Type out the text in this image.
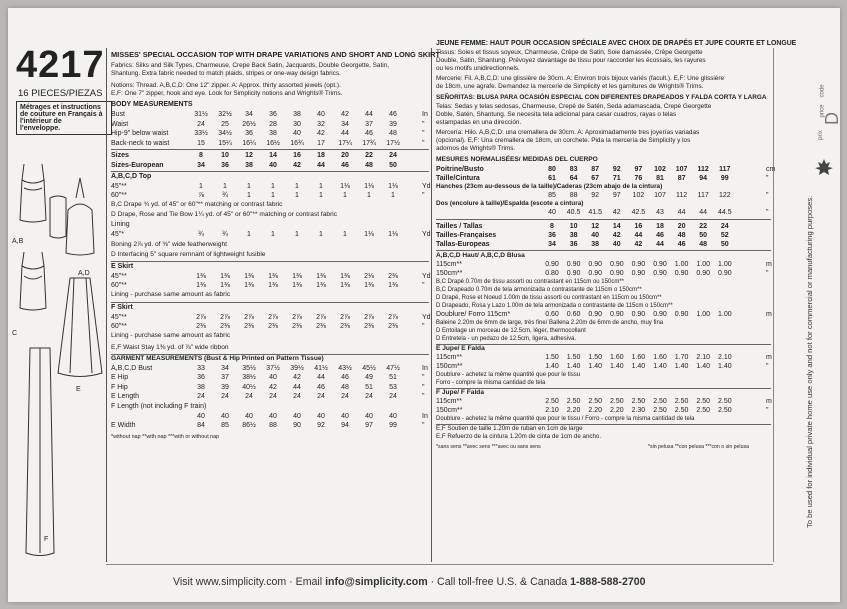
4217
16 PIECES/PIEZAS
Métrages et instructions
de couture en Français à
l'intérieur de
l'enveloppe.
A,B
A,D
C
E
F
MISSES' SPECIAL OCCASION TOP WITH DRAPE VARIATIONS AND SHORT AND LONG SKIRT
Fabrics: Silks and Silk Types, Charmeuse, Crepe Back Satin, Jacquards, Double Georgette, Satin,
Shantung. Extra fabric needed to match plaids, stripes or one-way design fabrics.
Notions: Thread. A,B,C,D: One 12" zipper. A: Approx. thirty assorted jewels (opt.).
E,F: One 7" zipper, hook and eye. Look for Simplicity notions and Wrights® Trims.
BODY MEASUREMENTS
JEUNE FEMME: HAUT POUR OCCASION SPÉCIALE AVEC CHOIX DE DRAPÉS ET JUPE COURTE ET LONGUE
Tissus: Soies et tissus soyeux, Charmeuse, Crêpe de Satin, Soie damassée, Crêpe Georgette
Double, Satin, Shantung. Prévoyez davantage de tissu pour raccorder les écossais, les rayures
ou les motifs unidirectionnels.
Mercerie: Fil. A,B,C,D: une glissière de 30cm. A: Environ trois bijoux variés (facult.). E,F: Une glissière
de 18cm, une agrafe. Demandez la mercerie de Simplicity et les garnitures de Wrights® Trims.
SEÑORITAS: BLUSA PARA OCASIÓN ESPECIAL CON DIFERENTES DRAPEADOS Y FALDA CORTA Y LARGA
Telas: Sedas y telas sedosas, Charmeuse, Crepé de Satén, Seda adamascada, Crepé Georgette
Doble, Satén, Shantung. Se necesita tela adicional para casar cuadros, rayas o telas
estampadas en una dirección.
Mercería: Hilo. A,B,C,D: una cremallera de 30cm. A: Aproximadamente tres joyerías variadas
(opcional). E,F: Una cremallera de 18cm, un corchete. Pida la mercería de Simplicity y los
adornos de Wrights® Trims.
MESURES NORMALISÉES/ MEDIDAS DEL CUERPO
To be used for individual private home use only and not for commercial or manufacturing purposes.
price
code
prix
D
Visit www.simplicity.com · Email info@simplicity.com · Call toll-free U.S. & Canada 1-888-588-2700
Bust	31½	32½	34	36	38	40	42	44	46	In
Waist	24	25	26½	28	30	32	34	37	39	"
Hip-9" below waist	33½	34½	36	38	40	42	44	46	48	"
Back-neck to waist	15	15¼	16¼	16½	16¾	17	17¼	17¾	17½	"
Sizes	8	10	12	14	16	18	20	22	24
Sizes-European	34	36	38	40	42	44	46	48	50
A,B,C,D Top
45"**	1	1	1	1	1	1	1⅛	1⅛	1⅛	Yd
60"**	⅞	¾	1	1	1	1	1	1	1	"
B,C Drape ¾ yd. of 45" or 60"** matching or contrast fabric
D Drape, Rose and Tie Bow 1¼ yd. of 45" or 60"** matching or contrast fabric
Lining
45"*	¾	¾	1	1	1	1	1	1⅛	1⅛	Yd
Boning 2⅞ yd. of ⅜" wide featherweight
D Interfacing 5" square remnant of lightweight fusible
E Skirt
45"**	1⅜	1⅜	1⅜	1⅜	1⅜	1⅜	1⅜	2⅛	2⅜	Yd
60"**	1⅜	1⅜	1⅜	1⅜	1⅜	1⅜	1⅜	1⅜	1⅜	"
Lining - purchase same amount as fabric
F Skirt
45"**	2⅞	2⅞	2⅞	2⅞	2⅞	2⅞	2⅞	2⅞	2⅞	Yd
60"**	2⅜	2⅜	2⅜	2⅜	2⅜	2⅜	2⅜	2⅜	2⅜	"
Lining - purchase same amount as fabric
E,F Waist Stay 1⅜ yd. of ⅞" wide ribbon
GARMENT MEASUREMENTS (Bust & Hip Printed on Pattern Tissue)
A,B,C,D Bust	33	34	35½	37½	39½	41½	43½	45½	47½	In
E Hip	36	37	38½	40	42	44	46	49	51	"
F Hip	38	39	40½	42	44	46	48	51	53	"
E Length	24	24	24	24	24	24	24	24	24	"
F Length (not including F train)
40	40	40	40	40	40	40	40	40	In
E Width	84	85	86½	88	90	92	94	97	99	"
*without nap **with nap ***with or without nap
Poitrine/Busto	80	83	87	92	97	102	107	112	117	cm
Taille/Cintura	61	64	67	71	76	81	87	94	99	"
Hanches (23cm au-dessous de la taille)/Caderas (23cm abajo de la cintura)
85	88	92	97	102	107	112	117	122	"
Dos (encolure à taille)/Espalda (escote a cintura)
40	40.5	41.5	42	42.5	43	44	44	44.5	"
Tailles / Tallas	8	10	12	14	16	18	20	22	24
Tailles-Françaises	36	38	40	42	44	46	48	50	52
Tallas-Europeas	34	36	38	40	42	44	46	48	50
A,B,C,D Haut/ A,B,C,D Blusa
115cm**	0.90	0.90	0.90	0.90	0.90	0.90	1.00	1.00	1.00	m
150cm**	0.80	0.90	0.90	0.90	0.90	0.90	0.90	0.90	0.90	"
B,C Drapé 0.70m de tissu assorti ou contrastant en 115cm ou 150cm**
B,C Drapeado 0.70m de tela armonizada o contrastante de 115cm o 150cm**
D Drapé, Rose et Noeud 1.00m de tissu assorti ou contrastant en 115cm ou 150cm**
D Drapeado, Rosa y Lazo 1.00m de tela armonizada o contrastante de 115cm o 150cm**
Doublure/ Forro 115cm*	0.60	0.60	0.90	0.90	0.90	0.90	0.90	1.00	1.00	m
Baleine 2.20m de 6mm de large, très fine/ Ballena 2.20m de 6mm de ancho, muy fina
D Entoilage un morceau de 12.5cm, léger, thermocollant
D Entretela - un pedazo de 12.5cm, ligera, adhesiva.
E Jupe/ E Falda
115cm**	1.50	1.50	1.50	1.60	1.60	1.60	1.70	2.10	2.10	m
150cm**	1.40	1.40	1.40	1.40	1.40	1.40	1.40	1.40	1.40	"
Doublure - achetez la même quantité que pour le tissu
Forro - compre la misma cantidad de tela
F Jupe/ F Falda
115cm**	2.50	2.50	2.50	2.50	2.50	2.50	2.50	2.50	2.50	m
150cm**	2.10	2.20	2.20	2.20	2.30	2.50	2.50	2.50	2.50	"
Doublure - achetez la même quantité que pour le tissu / Forro - compre la misma cantidad de tela
E,F Soutien de taille 1.20m de ruban en 1cm de large
E,F Refuerzo de la cintura 1.20m de cinta de 1cm de ancho.
*sans sens **avec sens ***avec ou sans sens	*sin pelusa **con pelusa ***con o sin pelusa
